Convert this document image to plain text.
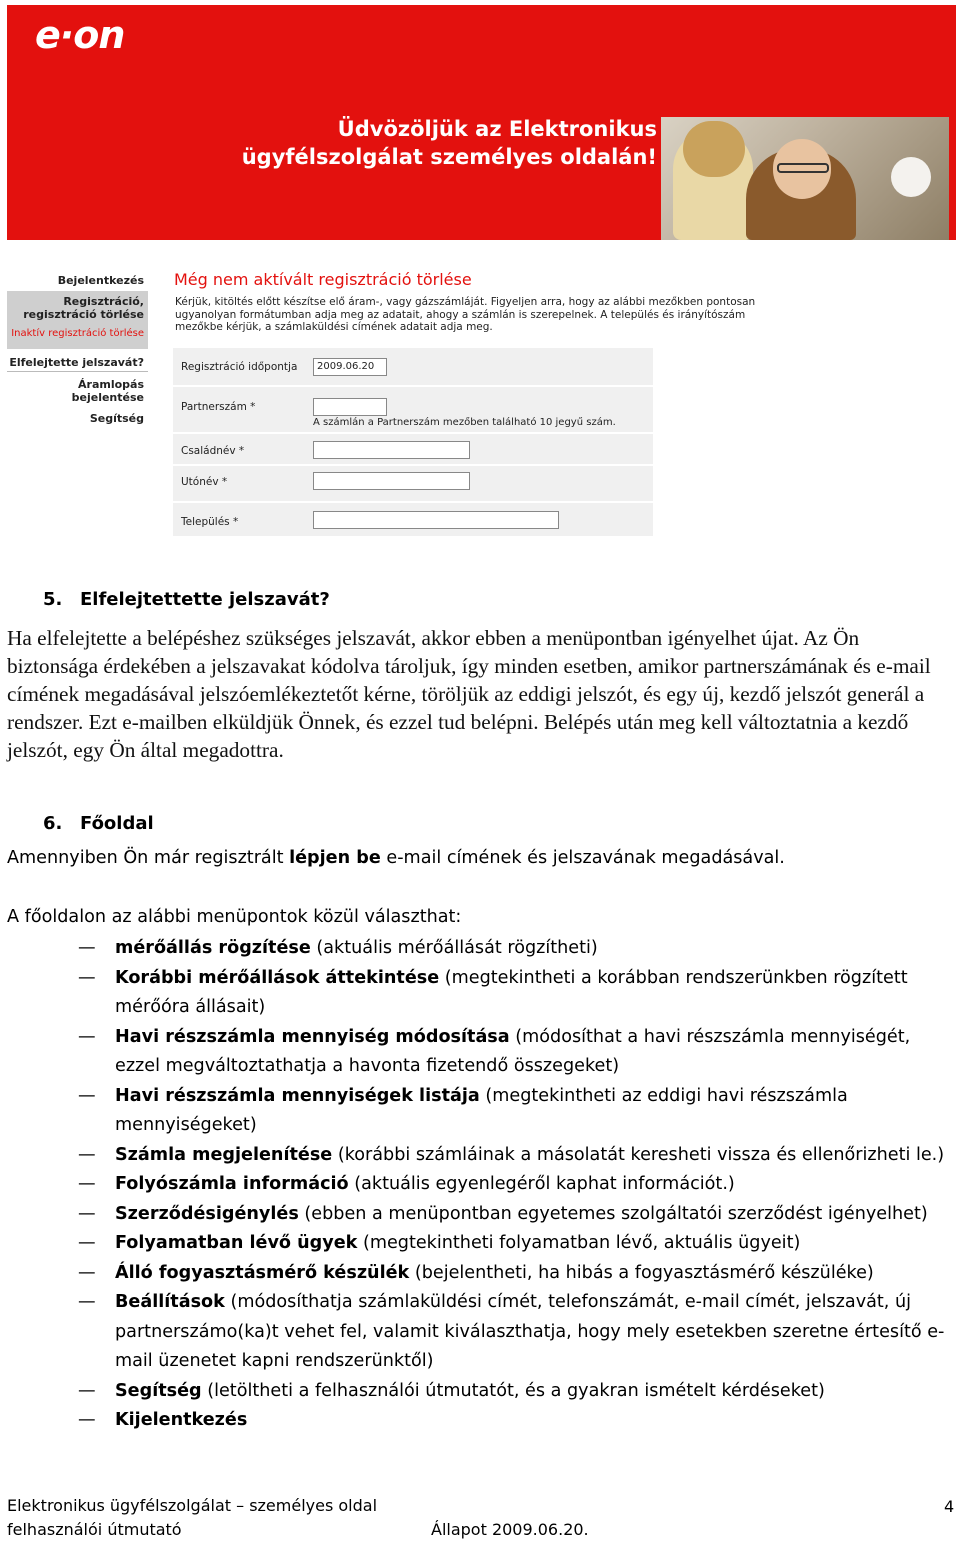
e·on
Üdvözöljük az Elektronikus
ügyfélszolgálat személyes oldalán!
Bejelentkezés
Regisztráció, regisztráció törlése
Inaktív regisztráció törlése
Elfelejtette jelszavát?
Áramlopás bejelentése
Segítség
Még nem aktívált regisztráció törlése
Kérjük, kitöltés előtt készítse elő áram-, vagy gázszámláját. Figyeljen arra, hogy az alábbi mezőkben pontosan ugyanolyan formátumban adja meg az adatait, ahogy a számlán is szerepelnek. A település és irányítószám mezőkbe kérjük, a számlaküldési címének adatait adja meg.
Regisztráció időpontja	2009.06.20
Partnerszám *
A számlán a Partnerszám mezőben található 10 jegyű szám.
Családnév *
Utónév *
Település *
5. Elfelejtettette jelszavát?

Ha elfelejtette a belépéshez szükséges jelszavát, akkor ebben a menüpontban igényelhet újat. Az Ön biztonsága érdekében a jelszavakat kódolva tároljuk, így minden esetben, amikor partnerszámának és e-mail címének megadásával jelszóemlékeztetőt kérne, töröljük az eddigi jelszót, és egy új, kezdő jelszót generál a rendszer. Ezt e-mailben elküldjük Önnek, és ezzel tud belépni. Belépés után meg kell változtatnia a kezdő jelszót, egy Ön által megadottra.

6. Főoldal

Amennyiben Ön már regisztrált lépjen be e-mail címének és jelszavának megadásával.

A főoldalon az alábbi menüpontok közül választhat:

— mérőállás rögzítése (aktuális mérőállását rögzítheti)
— Korábbi mérőállások áttekintése (megtekintheti a korábban rendszerünkben rögzített mérőóra állásait)
— Havi részszámla mennyiség módosítása (módosíthat a havi részszámla mennyiségét, ezzel megváltoztathatja a havonta fizetendő összegeket)
— Havi részszámla mennyiségek listája (megtekintheti az eddigi havi részszámla mennyiségeket)
— Számla megjelenítése (korábbi számláinak a másolatát keresheti vissza és ellenőrizheti le.)
— Folyószámla információ (aktuális egyenlegéről kaphat információt.)
— Szerződésigénylés (ebben a menüpontban egyetemes szolgáltatói szerződést igényelhet)
— Folyamatban lévő ügyek (megtekintheti folyamatban lévő, aktuális ügyeit)
— Álló fogyasztásmérő készülék (bejelentheti, ha hibás a fogyasztásmérő készüléke)
— Beállítások (módosíthatja számlaküldési címét, telefonszámát, e-mail címét, jelszavát, új partnerszámo(ka)t vehet fel, valamit kiválaszthatja, hogy mely esetekben szeretne értesítő e-mail üzenetet kapni rendszerünktől)
— Segítség (letöltheti a felhasználói útmutatót, és a gyakran ismételt kérdéseket)
— Kijelentkezés
Elektronikus ügyfélszolgálat – személyes oldal
felhasználói útmutató	Állapot 2009.06.20.
4
